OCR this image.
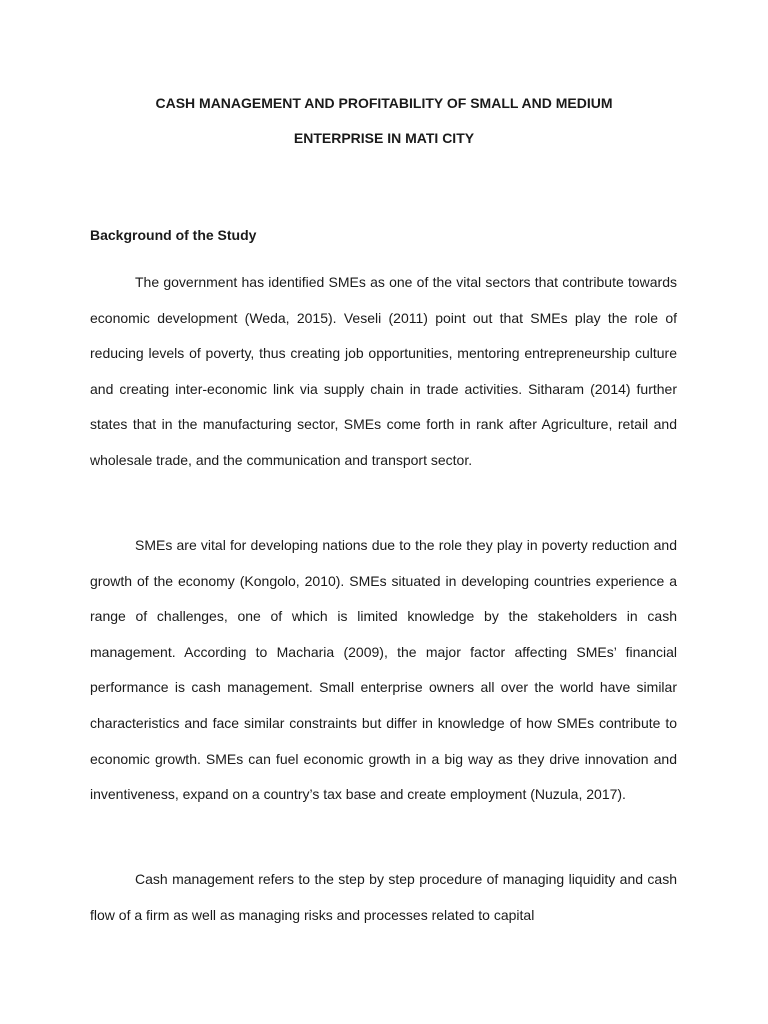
CASH MANAGEMENT AND PROFITABILITY OF SMALL AND MEDIUM
ENTERPRISE IN MATI CITY
Background of the Study

The government has identified SMEs as one of the vital sectors that contribute towards economic development (Weda, 2015). Veseli (2011) point out that SMEs play the role of reducing levels of poverty, thus creating job opportunities, mentoring entrepreneurship culture and creating inter-economic link via supply chain in trade activities. Sitharam (2014) further states that in the manufacturing sector, SMEs come forth in rank after Agriculture, retail and wholesale trade, and the communication and transport sector.

SMEs are vital for developing nations due to the role they play in poverty reduction and growth of the economy (Kongolo, 2010). SMEs situated in developing countries experience a range of challenges, one of which is limited knowledge by the stakeholders in cash management. According to Macharia (2009), the major factor affecting SMEs’ financial performance is cash management. Small enterprise owners all over the world have similar characteristics and face similar constraints but differ in knowledge of how SMEs contribute to economic growth. SMEs can fuel economic growth in a big way as they drive innovation and inventiveness, expand on a country’s tax base and create employment (Nuzula, 2017).

Cash management refers to the step by step procedure of managing liquidity and cash flow of a firm as well as managing risks and processes related to capital
